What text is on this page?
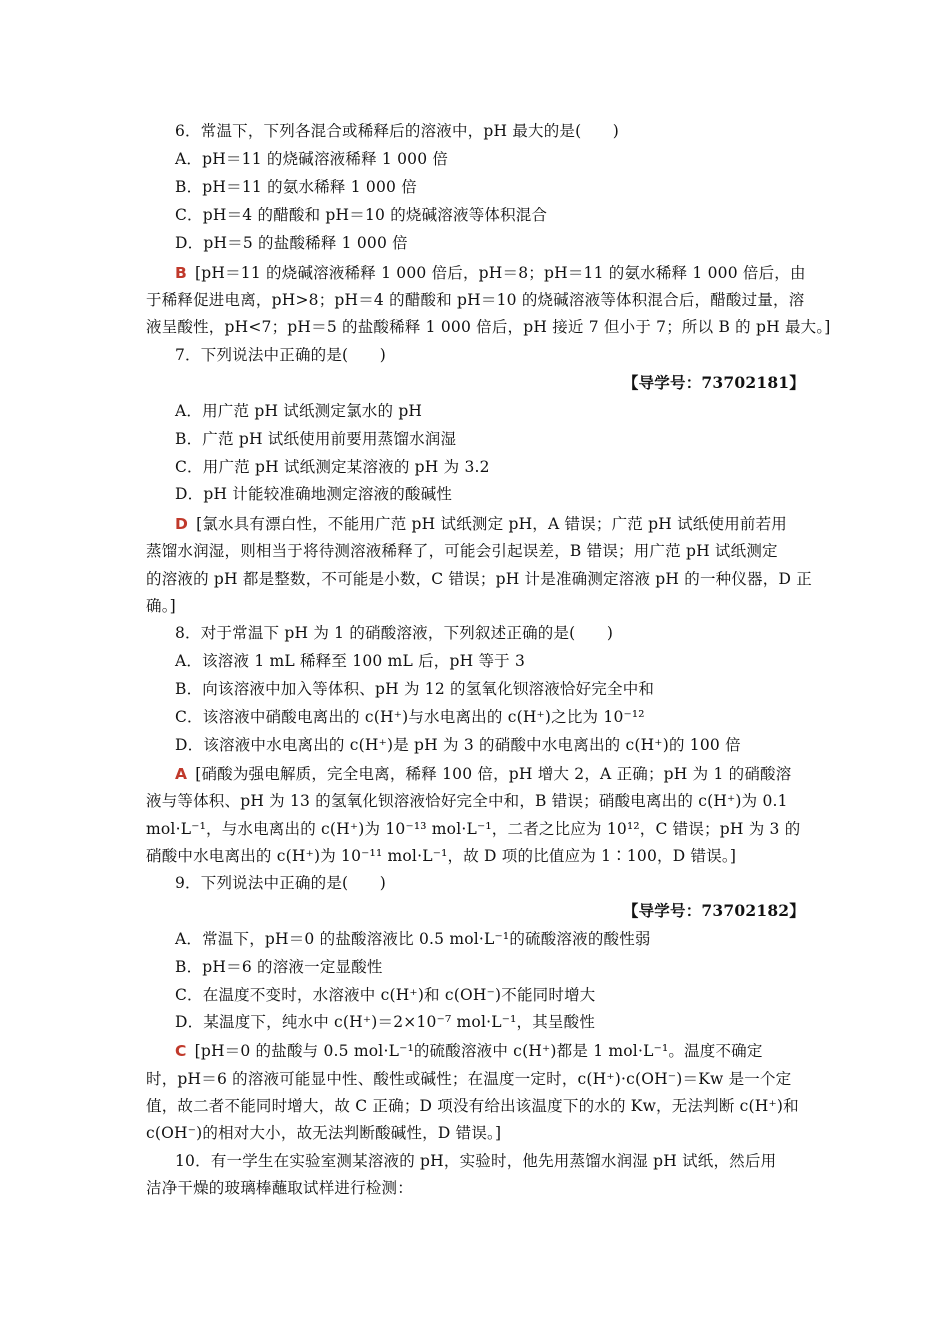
6．常温下，下列各混合或稀释后的溶液中，pH 最大的是(　　)
A．pH＝11 的烧碱溶液稀释 1 000 倍
B．pH＝11 的氨水稀释 1 000 倍
C．pH＝4 的醋酸和 pH＝10 的烧碱溶液等体积混合
D．pH＝5 的盐酸稀释 1 000 倍
B [pH＝11 的烧碱溶液稀释 1 000 倍后，pH＝8；pH＝11 的氨水稀释 1 000 倍后，由
于稀释促进电离，pH>8；pH＝4 的醋酸和 pH＝10 的烧碱溶液等体积混合后，醋酸过量，溶
液呈酸性，pH<7；pH＝5 的盐酸稀释 1 000 倍后，pH 接近 7 但小于 7；所以 B 的 pH 最大。]
7．下列说法中正确的是(　　)
【导学号：73702181】
A．用广范 pH 试纸测定氯水的 pH
B．广范 pH 试纸使用前要用蒸馏水润湿
C．用广范 pH 试纸测定某溶液的 pH 为 3.2
D．pH 计能较准确地测定溶液的酸碱性
D [氯水具有漂白性，不能用广范 pH 试纸测定 pH，A 错误；广范 pH 试纸使用前若用
蒸馏水润湿，则相当于将待测溶液稀释了，可能会引起误差，B 错误；用广范 pH 试纸测定
的溶液的 pH 都是整数，不可能是小数，C 错误；pH 计是准确测定溶液 pH 的一种仪器，D 正
确。]
8．对于常温下 pH 为 1 的硝酸溶液，下列叙述正确的是(　　)
A．该溶液 1 mL 稀释至 100 mL 后，pH 等于 3
B．向该溶液中加入等体积、pH 为 12 的氢氧化钡溶液恰好完全中和
C．该溶液中硝酸电离出的 c(H⁺)与水电离出的 c(H⁺)之比为 10⁻¹²
D．该溶液中水电离出的 c(H⁺)是 pH 为 3 的硝酸中水电离出的 c(H⁺)的 100 倍
A [硝酸为强电解质，完全电离，稀释 100 倍，pH 增大 2，A 正确；pH 为 1 的硝酸溶
液与等体积、pH 为 13 的氢氧化钡溶液恰好完全中和，B 错误；硝酸电离出的 c(H⁺)为 0.1
mol·L⁻¹，与水电离出的 c(H⁺)为 10⁻¹³ mol·L⁻¹，二者之比应为 10¹²，C 错误；pH 为 3 的
硝酸中水电离出的 c(H⁺)为 10⁻¹¹ mol·L⁻¹，故 D 项的比值应为 1∶100，D 错误。]
9．下列说法中正确的是(　　)
【导学号：73702182】
A．常温下，pH＝0 的盐酸溶液比 0.5 mol·L⁻¹的硫酸溶液的酸性弱
B．pH＝6 的溶液一定显酸性
C．在温度不变时，水溶液中 c(H⁺)和 c(OH⁻)不能同时增大
D．某温度下，纯水中 c(H⁺)＝2×10⁻⁷ mol·L⁻¹，其呈酸性
C [pH＝0 的盐酸与 0.5 mol·L⁻¹的硫酸溶液中 c(H⁺)都是 1 mol·L⁻¹。温度不确定
时，pH＝6 的溶液可能显中性、酸性或碱性；在温度一定时，c(H⁺)·c(OH⁻)＝Kw 是一个定
值，故二者不能同时增大，故 C 正确；D 项没有给出该温度下的水的 Kw，无法判断 c(H⁺)和
c(OH⁻)的相对大小，故无法判断酸碱性，D 错误。]
10．有一学生在实验室测某溶液的 pH，实验时，他先用蒸馏水润湿 pH 试纸，然后用
洁净干燥的玻璃棒蘸取试样进行检测：
